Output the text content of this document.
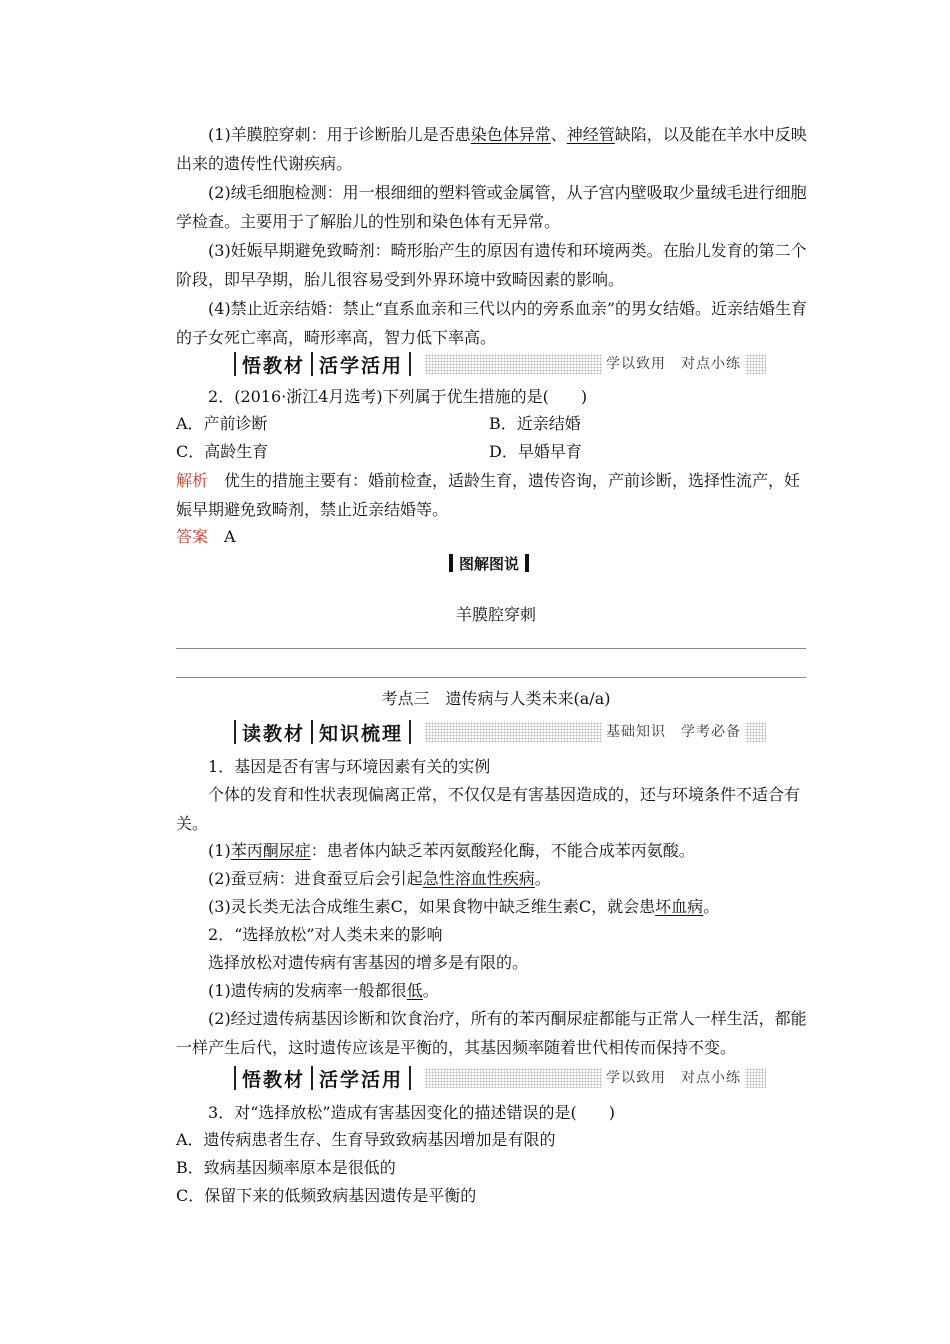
　　(1)羊膜腔穿刺：用于诊断胎儿是否患染色体异常、神经管缺陷，以及能在羊水中反映出来的遗传性代谢疾病。

　　(2)绒毛细胞检测：用一根细细的塑料管或金属管，从子宫内壁吸取少量绒毛进行细胞学检查。主要用于了解胎儿的性别和染色体有无异常。

　　(3)妊娠早期避免致畸剂：畸形胎产生的原因有遗传和环境两类。在胎儿发育的第二个阶段，即早孕期，胎儿很容易受到外界环境中致畸因素的影响。

　　(4)禁止近亲结婚：禁止“直系血亲和三代以内的旁系血亲”的男女结婚。近亲结婚生育的子女死亡率高，畸形率高，智力低下率高。

悟教材 活学活用	学以致用　对点小练

　　2．(2016·浙江4月选考)下列属于优生措施的是(　　)

A．产前诊断	B．近亲结婚
C．高龄生育	D．早婚早育

解析　优生的措施主要有：婚前检查，适龄生育，遗传咨询，产前诊断，选择性流产，妊娠早期避免致畸剂，禁止近亲结婚等。

答案　A

图解图说
羊膜腔穿刺
考点三　遗传病与人类未来(a/a)
读教材 知识梳理	基础知识　学考必备

　　1．基因是否有害与环境因素有关的实例

　　个体的发育和性状表现偏离正常，不仅仅是有害基因造成的，还与环境条件不适合有关。

　　(1)苯丙酮尿症：患者体内缺乏苯丙氨酸羟化酶，不能合成苯丙氨酸。

　　(2)蚕豆病：进食蚕豆后会引起急性溶血性疾病。

　　(3)灵长类无法合成维生素C，如果食物中缺乏维生素C，就会患坏血病。

　　2．“选择放松”对人类未来的影响

　　选择放松对遗传病有害基因的增多是有限的。

　　(1)遗传病的发病率一般都很低。

　　(2)经过遗传病基因诊断和饮食治疗，所有的苯丙酮尿症都能与正常人一样生活，都能一样产生后代，这时遗传应该是平衡的，其基因频率随着世代相传而保持不变。

悟教材 活学活用	学以致用　对点小练

　　3．对“选择放松”造成有害基因变化的描述错误的是(　　)

A．遗传病患者生存、生育导致致病基因增加是有限的
B．致病基因频率原本是很低的
C．保留下来的低频致病基因遗传是平衡的
